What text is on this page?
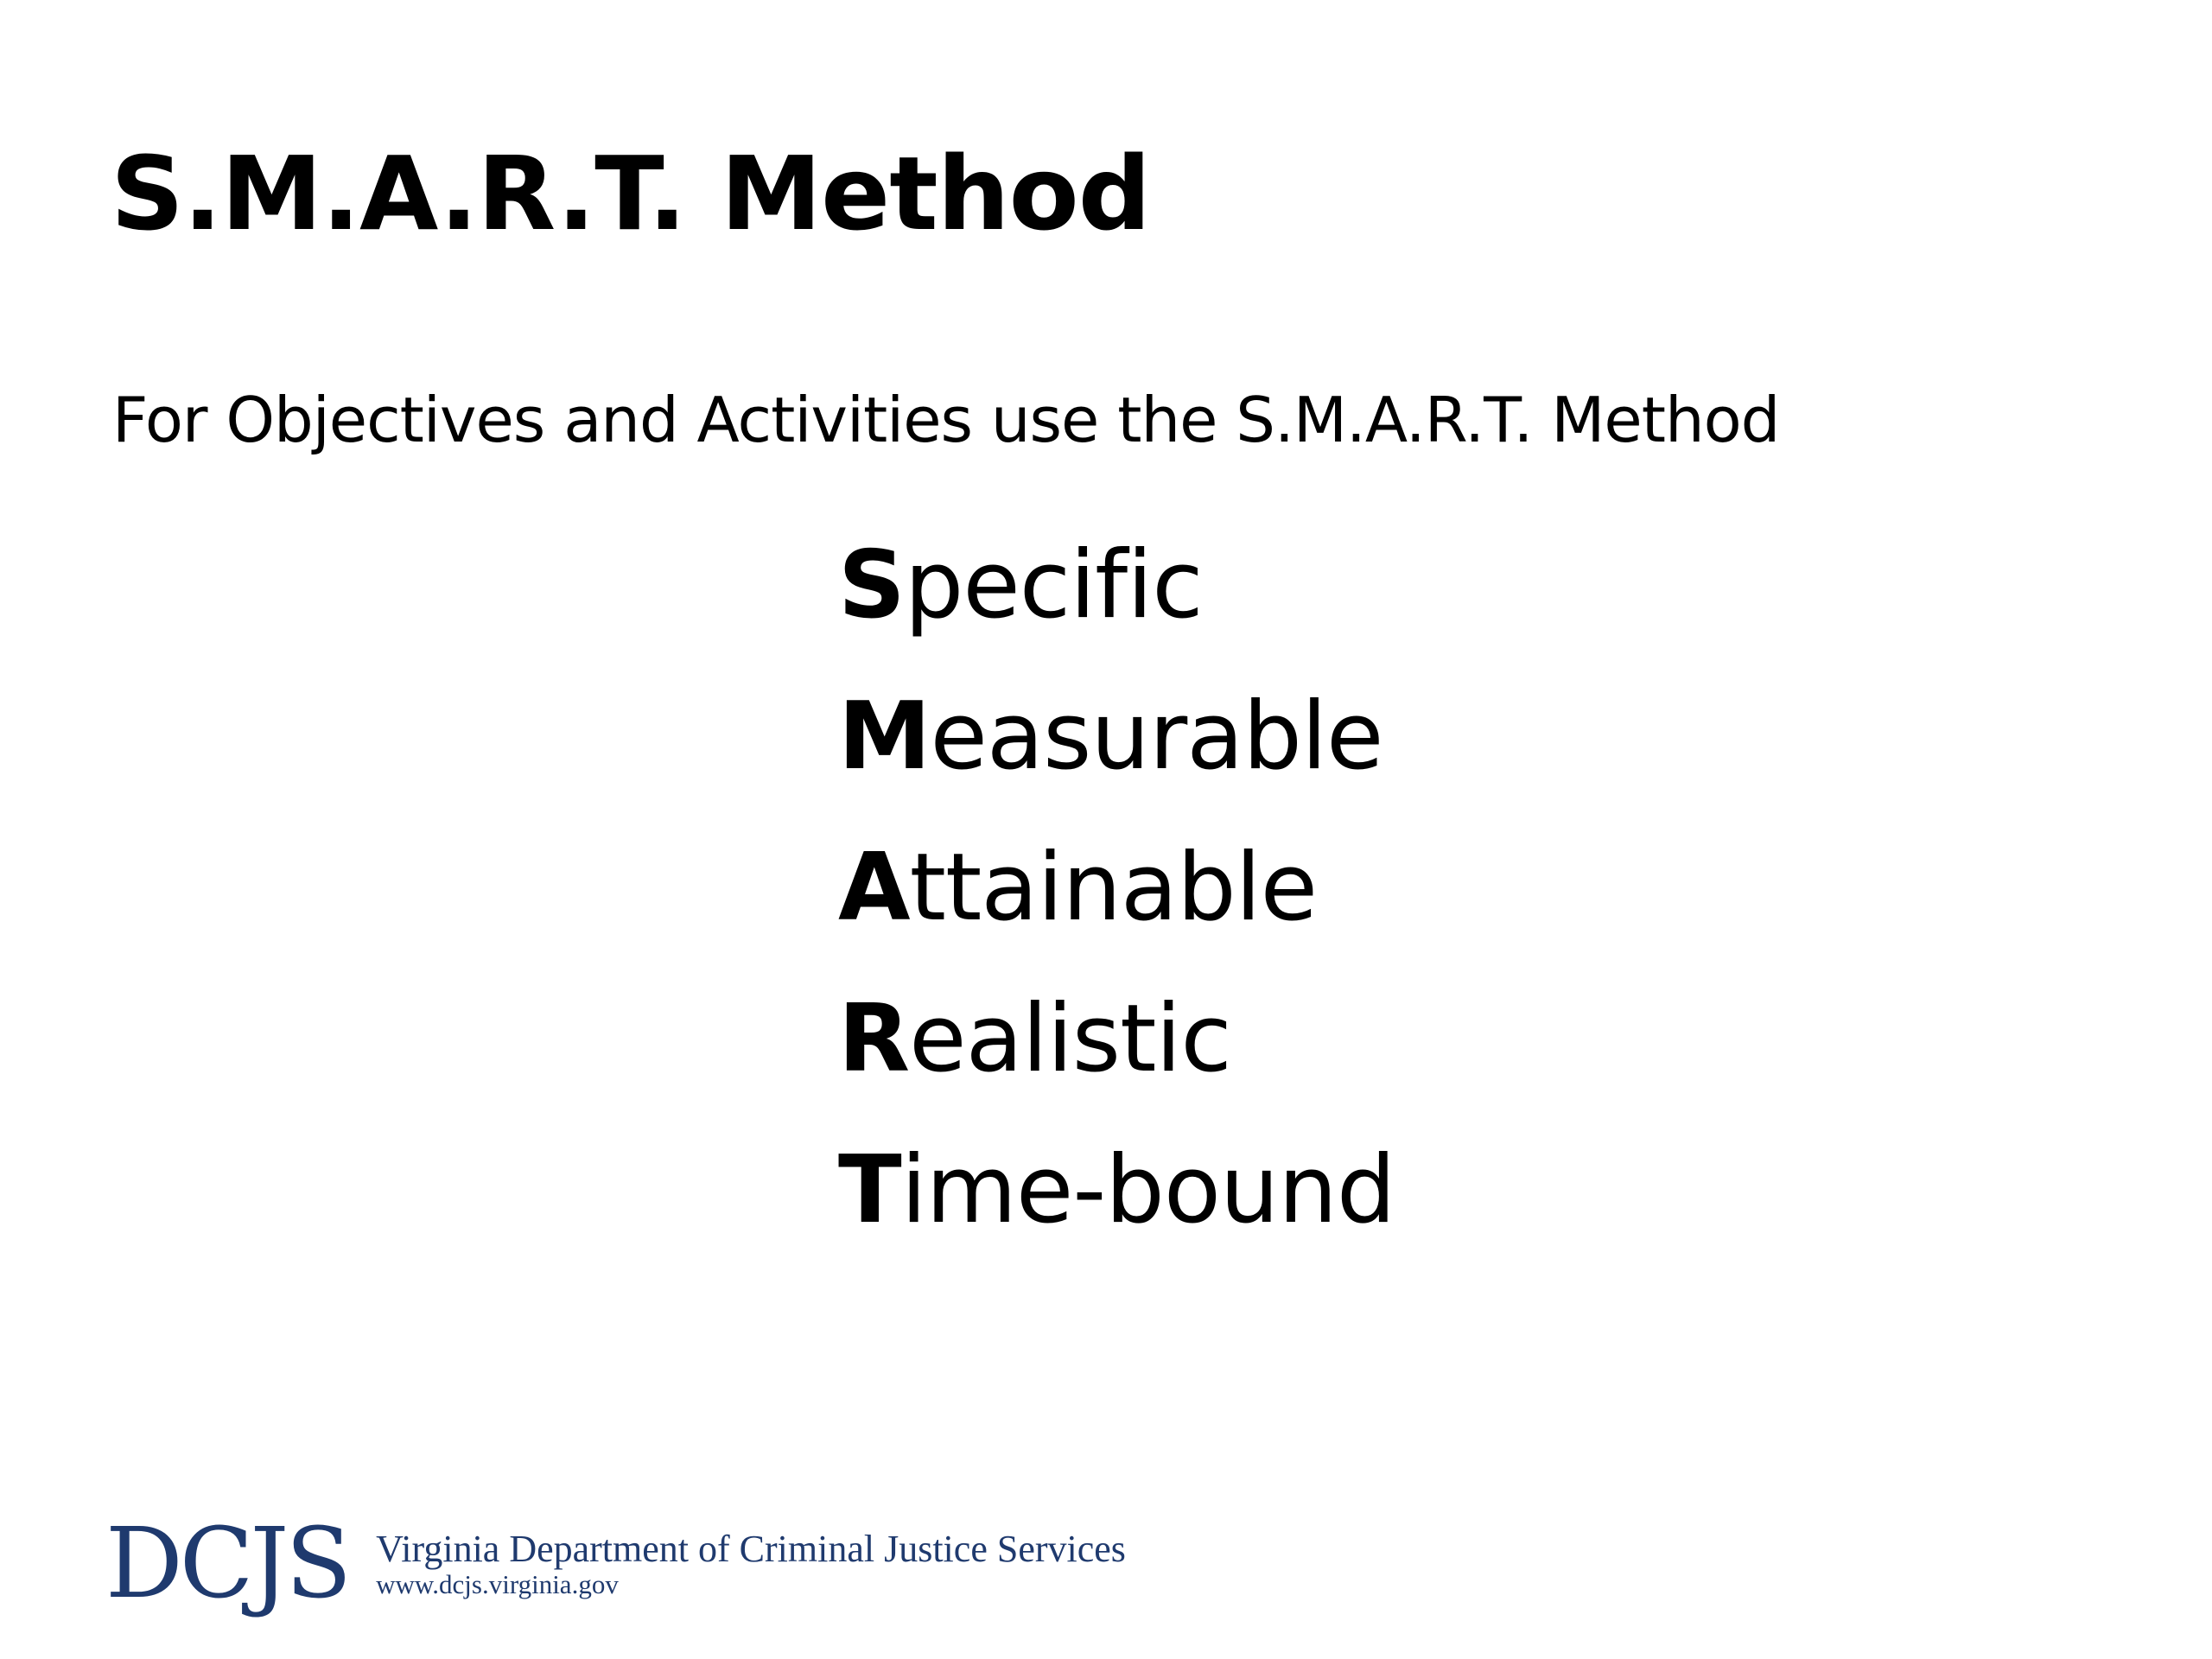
S.M.A.R.T. Method

For Objectives and Activities use the S.M.A.R.T. Method

Specific
Measurable
Attainable
Realistic
Time-bound
DCJS Virginia Department of Criminal Justice Services
www.dcjs.virginia.gov
